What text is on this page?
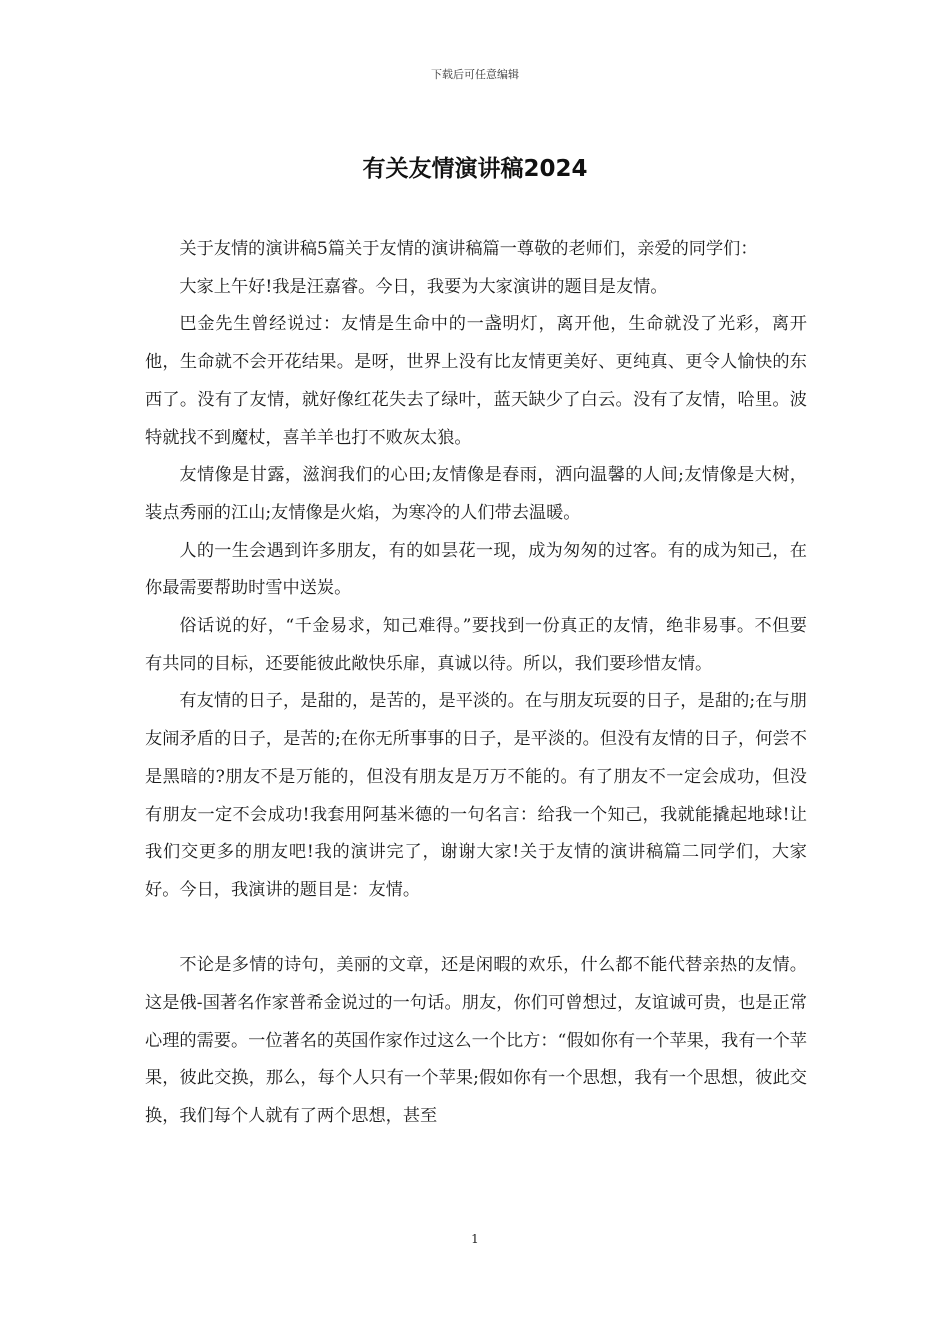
下载后可任意编辑
有关友情演讲稿2024

关于友情的演讲稿5篇关于友情的演讲稿篇一尊敬的老师们，亲爱的同学们：

大家上午好!我是汪嘉睿。今日，我要为大家演讲的题目是友情。

巴金先生曾经说过：友情是生命中的一盏明灯，离开他，生命就没了光彩，离开他，生命就不会开花结果。是呀，世界上没有比友情更美好、更纯真、更令人愉快的东西了。没有了友情，就好像红花失去了绿叶，蓝天缺少了白云。没有了友情，哈里。波特就找不到魔杖，喜羊羊也打不败灰太狼。

友情像是甘露，滋润我们的心田;友情像是春雨，洒向温馨的人间;友情像是大树，装点秀丽的江山;友情像是火焰，为寒冷的人们带去温暖。

人的一生会遇到许多朋友，有的如昙花一现，成为匆匆的过客。有的成为知己，在你最需要帮助时雪中送炭。

俗话说的好，“千金易求，知己难得。”要找到一份真正的友情，绝非易事。不但要有共同的目标，还要能彼此敞快乐扉，真诚以待。所以，我们要珍惜友情。

有友情的日子，是甜的，是苦的，是平淡的。在与朋友玩耍的日子，是甜的;在与朋友闹矛盾的日子，是苦的;在你无所事事的日子，是平淡的。但没有友情的日子，何尝不是黑暗的?朋友不是万能的，但没有朋友是万万不能的。有了朋友不一定会成功，但没有朋友一定不会成功!我套用阿基米德的一句名言：给我一个知己，我就能撬起地球!让我们交更多的朋友吧!我的演讲完了，谢谢大家!关于友情的演讲稿篇二同学们，大家好。今日，我演讲的题目是：友情。

不论是多情的诗句，美丽的文章，还是闲暇的欢乐，什么都不能代替亲热的友情。这是俄-国著名作家普希金说过的一句话。朋友，你们可曾想过，友谊诚可贵，也是正常心理的需要。一位著名的英国作家作过这么一个比方：“假如你有一个苹果，我有一个苹果，彼此交换，那么，每个人只有一个苹果;假如你有一个思想，我有一个思想，彼此交换，我们每个人就有了两个思想，甚至

1
